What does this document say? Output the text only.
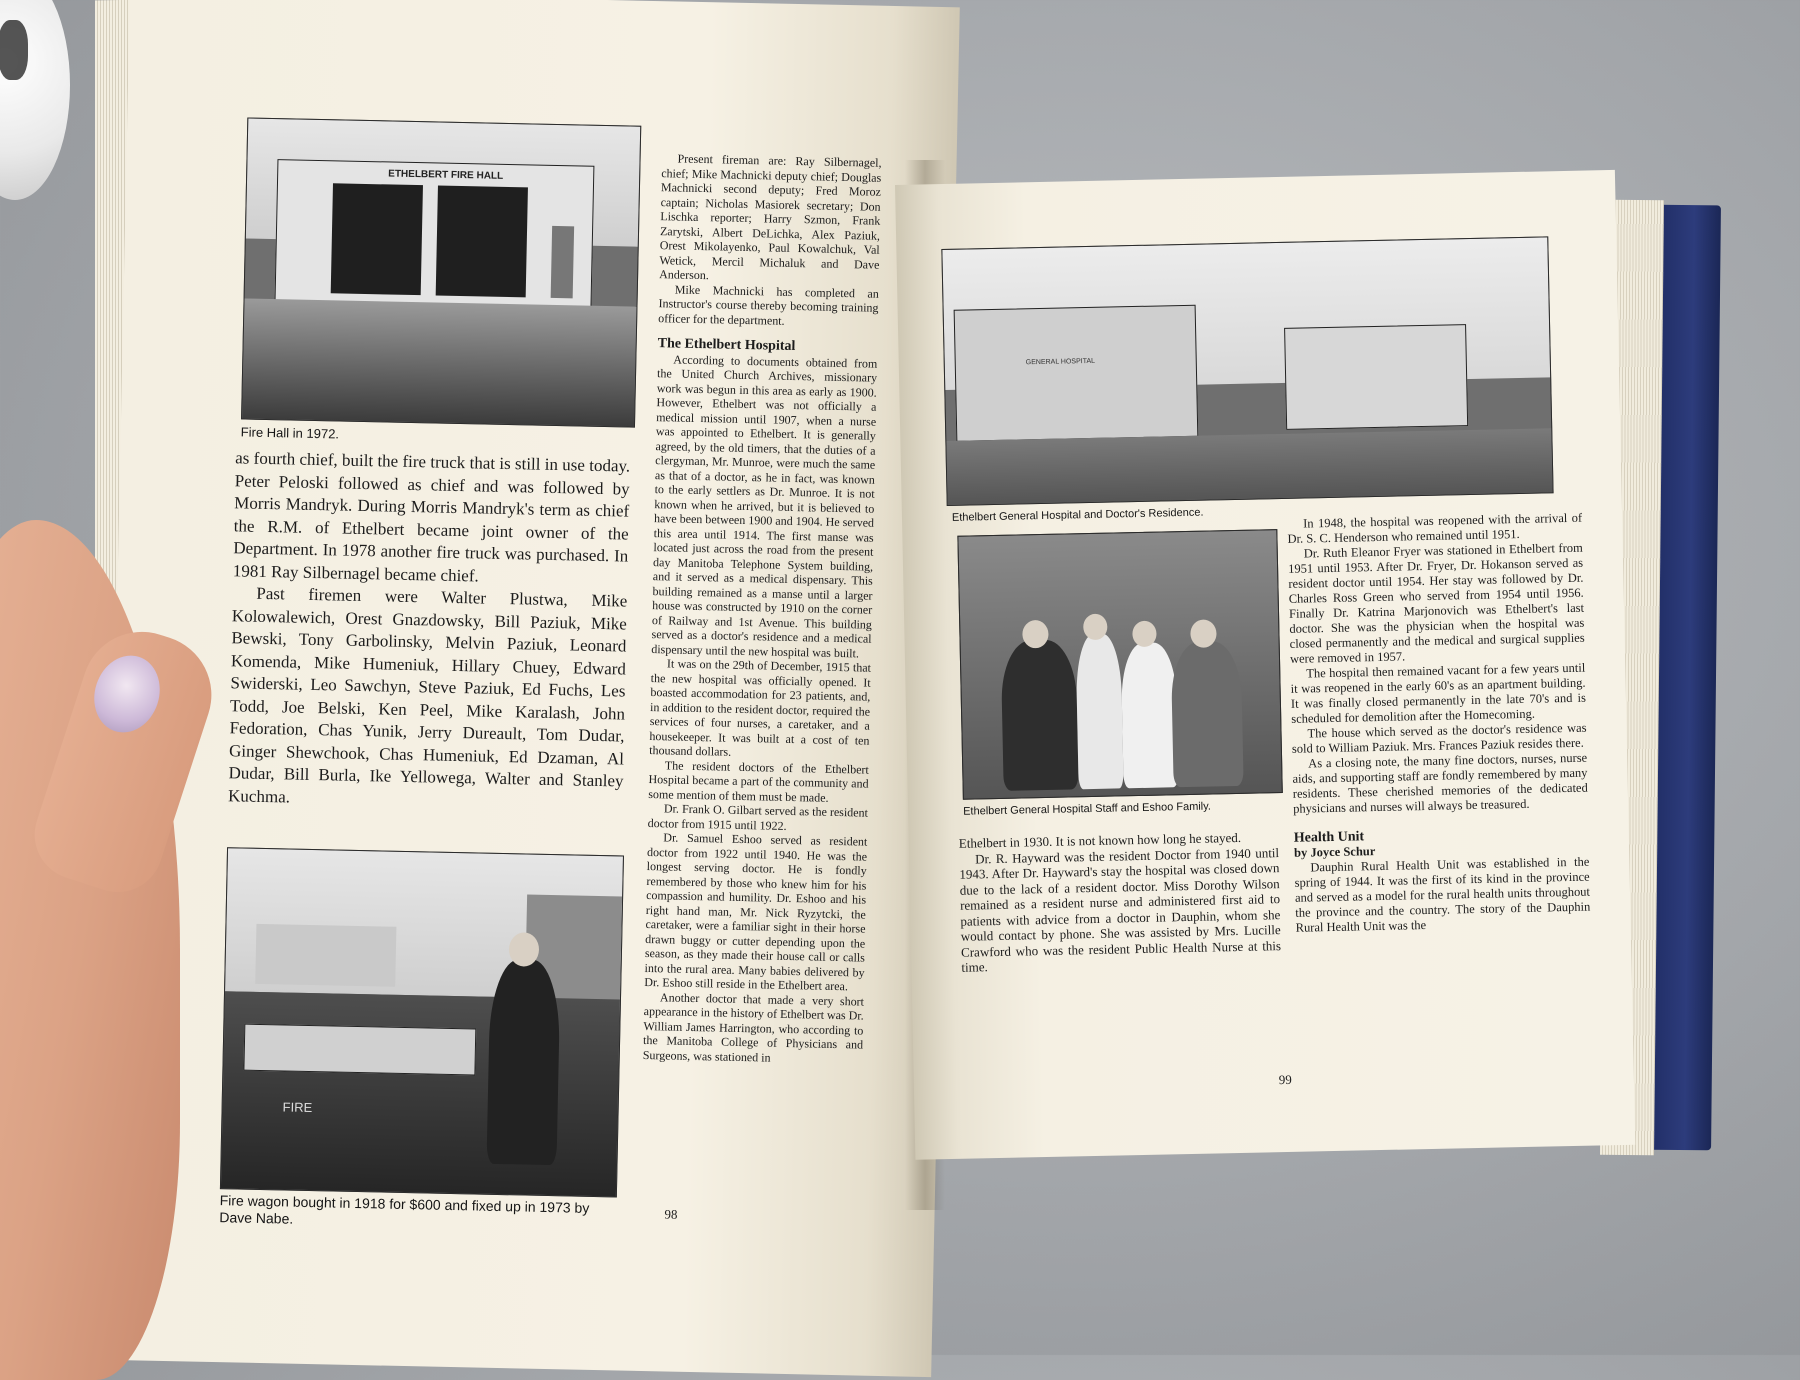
ETHELBERT FIRE HALL
Fire Hall in 1972.

as fourth chief, built the fire truck that is still in use today. Peter Peloski followed as chief and was followed by Morris Mandryk. During Morris Mandryk's term as chief the R.M. of Ethelbert became joint owner of the Department. In 1978 another fire truck was purchased. In 1981 Ray Silbernagel became chief.

Past firemen were Walter Plustwa, Mike Kolowalewich, Orest Gnazdowsky, Bill Paziuk, Mike Bewski, Tony Garbolinsky, Melvin Paziuk, Leonard Komenda, Mike Humeniuk, Hillary Chuey, Edward Swiderski, Leo Sawchyn, Steve Paziuk, Ed Fuchs, Les Todd, Joe Belski, Ken Peel, Mike Karalash, John Fedoration, Chas Yunik, Jerry Dureault, Tom Dudar, Ginger Shewchook, Chas Humeniuk, Ed Dzaman, Al Dudar, Bill Burla, Ike Yellowega, Walter and Stanley Kuchma.

FIRE
Fire wagon bought in 1918 for $600 and fixed up in 1973 by Dave Nabe.

Present fireman are: Ray Silbernagel, chief; Mike Machnicki deputy chief; Douglas Machnicki second deputy; Fred Moroz captain; Nicholas Masiorek secretary; Don Lischka reporter; Harry Szmon, Frank Zarytski, Albert DeLichka, Alex Paziuk, Orest Mikolayenko, Paul Kowalchuk, Val Wetick, Mercil Michaluk and Dave Anderson.

Mike Machnicki has completed an Instructor's course thereby becoming training officer for the department.

The Ethelbert Hospital

According to documents obtained from the United Church Archives, missionary work was begun in this area as early as 1900. However, Ethelbert was not officially a medical mission until 1907, when a nurse was appointed to Ethelbert. It is generally agreed, by the old timers, that the duties of a clergyman, Mr. Munroe, were much the same as that of a doctor, as he in fact, was known to the early settlers as Dr. Munroe. It is not known when he arrived, but it is believed to have been between 1900 and 1904. He served this area until 1914. The first manse was located just across the road from the present day Manitoba Telephone System building, and it served as a medical dispensary. This building remained as a manse until a larger house was constructed by 1910 on the corner of Railway and 1st Avenue. This building served as a doctor's residence and a medical dispensary until the new hospital was built.

It was on the 29th of December, 1915 that the new hospital was officially opened. It boasted accommodation for 23 patients, and, in addition to the resident doctor, required the services of four nurses, a caretaker, and a housekeeper. It was built at a cost of ten thousand dollars.

The resident doctors of the Ethelbert Hospital became a part of the community and some mention of them must be made.

Dr. Frank O. Gilbart served as the resident doctor from 1915 until 1922.

Dr. Samuel Eshoo served as resident doctor from 1922 until 1940. He was the longest serving doctor. He is fondly remembered by those who knew him for his compassion and humility. Dr. Eshoo and his right hand man, Mr. Nick Ryzytcki, the caretaker, were a familiar sight in their horse drawn buggy or cutter depending upon the season, as they made their house call or calls into the rural area. Many babies delivered by Dr. Eshoo still reside in the Ethelbert area.

Another doctor that made a very short appearance in the history of Ethelbert was Dr. William James Harrington, who according to the Manitoba College of Physicians and Surgeons, was stationed in

98
GENERAL HOSPITAL
Ethelbert General Hospital and Doctor's Residence.
Ethelbert General Hospital Staff and Eshoo Family.

Ethelbert in 1930. It is not known how long he stayed.

Dr. R. Hayward was the resident Doctor from 1940 until 1943. After Dr. Hayward's stay the hospital was closed down due to the lack of a resident doctor. Miss Dorothy Wilson remained as a resident nurse and administered first aid to patients with advice from a doctor in Dauphin, whom she would contact by phone. She was assisted by Mrs. Lucille Crawford who was the resident Public Health Nurse at this time.

In 1948, the hospital was reopened with the arrival of Dr. S. C. Henderson who remained until 1951.

Dr. Ruth Eleanor Fryer was stationed in Ethelbert from 1951 until 1953. After Dr. Fryer, Dr. Hokanson served as resident doctor until 1954. Her stay was followed by Dr. Charles Ross Green who served from 1954 until 1956. Finally Dr. Katrina Marjonovich was Ethelbert's last doctor. She was the physician when the hospital was closed permanently and the medical and surgical supplies were removed in 1957.

The hospital then remained vacant for a few years until it was reopened in the early 60's as an apartment building. It was finally closed permanently in the late 70's and is scheduled for demolition after the Homecoming.

The house which served as the doctor's residence was sold to William Paziuk. Mrs. Frances Paziuk resides there.

As a closing note, the many fine doctors, nurses, nurse aids, and supporting staff are fondly remembered by many residents. These cherished memories of the dedicated physicians and nurses will always be treasured.

Health Unit

by Joyce Schur

Dauphin Rural Health Unit was established in the spring of 1944. It was the first of its kind in the province and served as a model for the rural health units throughout the province and the country. The story of the Dauphin Rural Health Unit was the

99
